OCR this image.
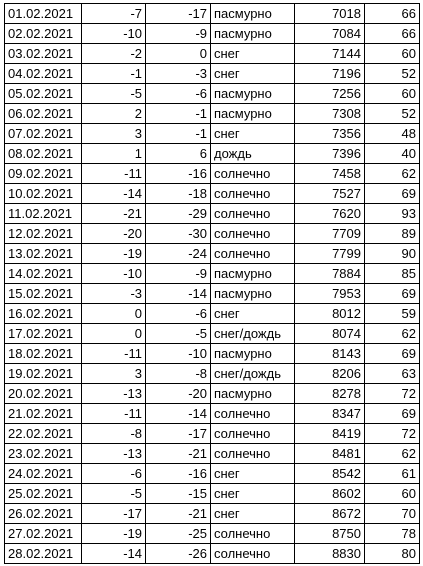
01.02.2021	-7	-17	пасмурно	7018	66
02.02.2021	-10	-9	пасмурно	7084	66
03.02.2021	-2	0	снег	7144	60
04.02.2021	-1	-3	снег	7196	52
05.02.2021	-5	-6	пасмурно	7256	60
06.02.2021	2	-1	пасмурно	7308	52
07.02.2021	3	-1	снег	7356	48
08.02.2021	1	6	дождь	7396	40
09.02.2021	-11	-16	солнечно	7458	62
10.02.2021	-14	-18	солнечно	7527	69
11.02.2021	-21	-29	солнечно	7620	93
12.02.2021	-20	-30	солнечно	7709	89
13.02.2021	-19	-24	солнечно	7799	90
14.02.2021	-10	-9	пасмурно	7884	85
15.02.2021	-3	-14	пасмурно	7953	69
16.02.2021	0	-6	снег	8012	59
17.02.2021	0	-5	снег/дождь	8074	62
18.02.2021	-11	-10	пасмурно	8143	69
19.02.2021	3	-8	снег/дождь	8206	63
20.02.2021	-13	-20	пасмурно	8278	72
21.02.2021	-11	-14	солнечно	8347	69
22.02.2021	-8	-17	солнечно	8419	72
23.02.2021	-13	-21	солнечно	8481	62
24.02.2021	-6	-16	снег	8542	61
25.02.2021	-5	-15	снег	8602	60
26.02.2021	-17	-21	снег	8672	70
27.02.2021	-19	-25	солнечно	8750	78
28.02.2021	-14	-26	солнечно	8830	80
